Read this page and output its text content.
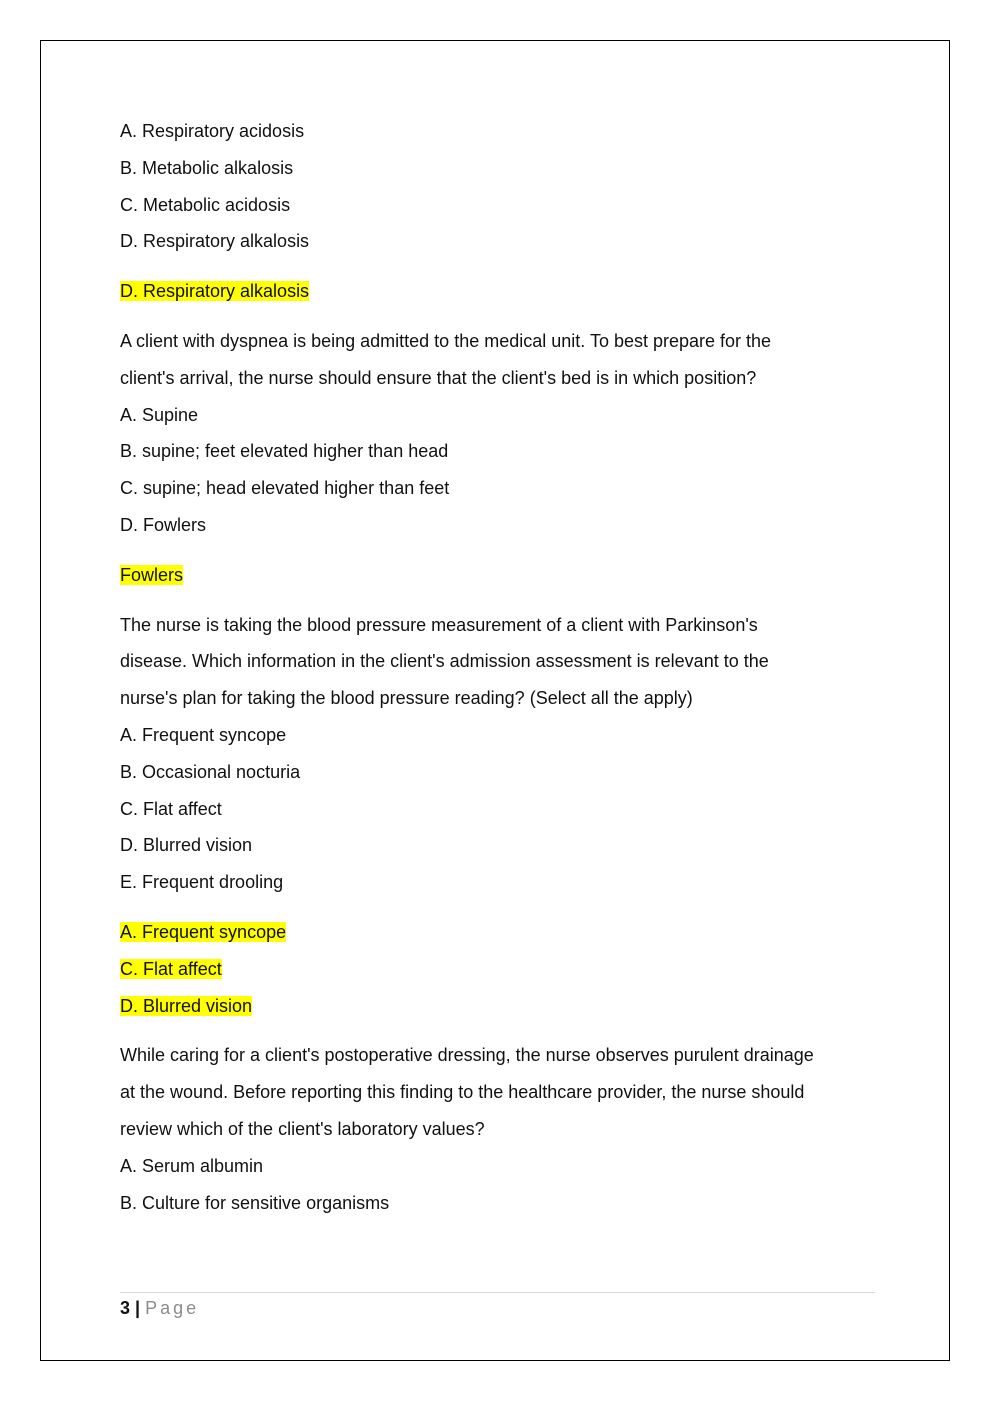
A. Respiratory acidosis
B. Metabolic alkalosis
C. Metabolic acidosis
D. Respiratory alkalosis
D. Respiratory alkalosis
A client with dyspnea is being admitted to the medical unit. To best prepare for the
client's arrival, the nurse should ensure that the client's bed is in which position?
A. Supine
B. supine; feet elevated higher than head
C. supine; head elevated higher than feet
D. Fowlers
Fowlers
The nurse is taking the blood pressure measurement of a client with Parkinson's
disease. Which information in the client's admission assessment is relevant to the
nurse's plan for taking the blood pressure reading? (Select all the apply)
A. Frequent syncope
B. Occasional nocturia
C. Flat affect
D. Blurred vision
E. Frequent drooling
A. Frequent syncope
C. Flat affect
D. Blurred vision
While caring for a client's postoperative dressing, the nurse observes purulent drainage
at the wound. Before reporting this finding to the healthcare provider, the nurse should
review which of the client's laboratory values?
A. Serum albumin
B. Culture for sensitive organisms
3 | Page
